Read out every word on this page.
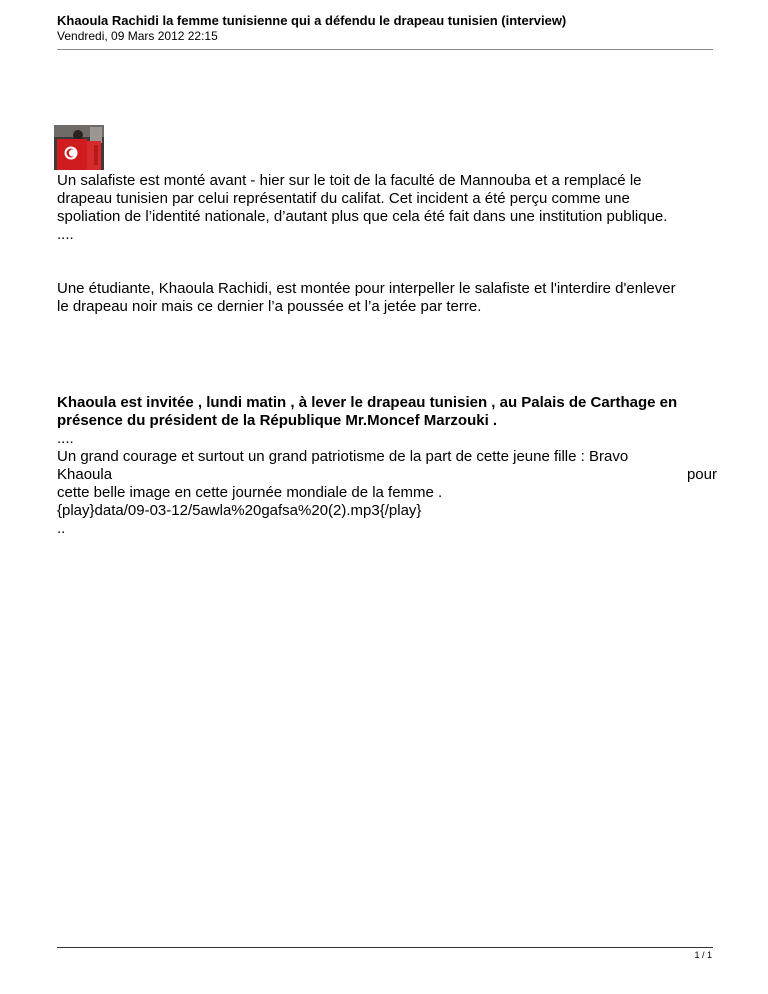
Khaoula Rachidi la femme tunisienne qui a défendu le drapeau tunisien (interview)
Vendredi, 09 Mars 2012 22:15

Un salafiste est monté avant - hier sur le toit de la faculté de Mannouba et a remplacé le
drapeau tunisien par celui représentatif du califat. Cet incident a été perçu comme une
spoliation de l’identité nationale, d’autant plus que cela été fait dans une institution publique.
....

Une étudiante, Khaoula Rachidi, est montée pour interpeller le salafiste et l'interdire d'enlever
le drapeau noir mais ce dernier l’a poussée et l’a jetée par terre.

Khaoula est invitée , lundi matin , à lever le drapeau tunisien , au Palais de Carthage en
présence du président de la République Mr.Moncef Marzouki .
....
Un grand courage et surtout un grand patriotisme de la part de cette jeune fille : Bravo

Khaoula	pour

cette belle image en cette journée mondiale de la femme .
{play}data/09-03-12/5awla%20gafsa%20(2).mp3{/play}
..

1 / 1
